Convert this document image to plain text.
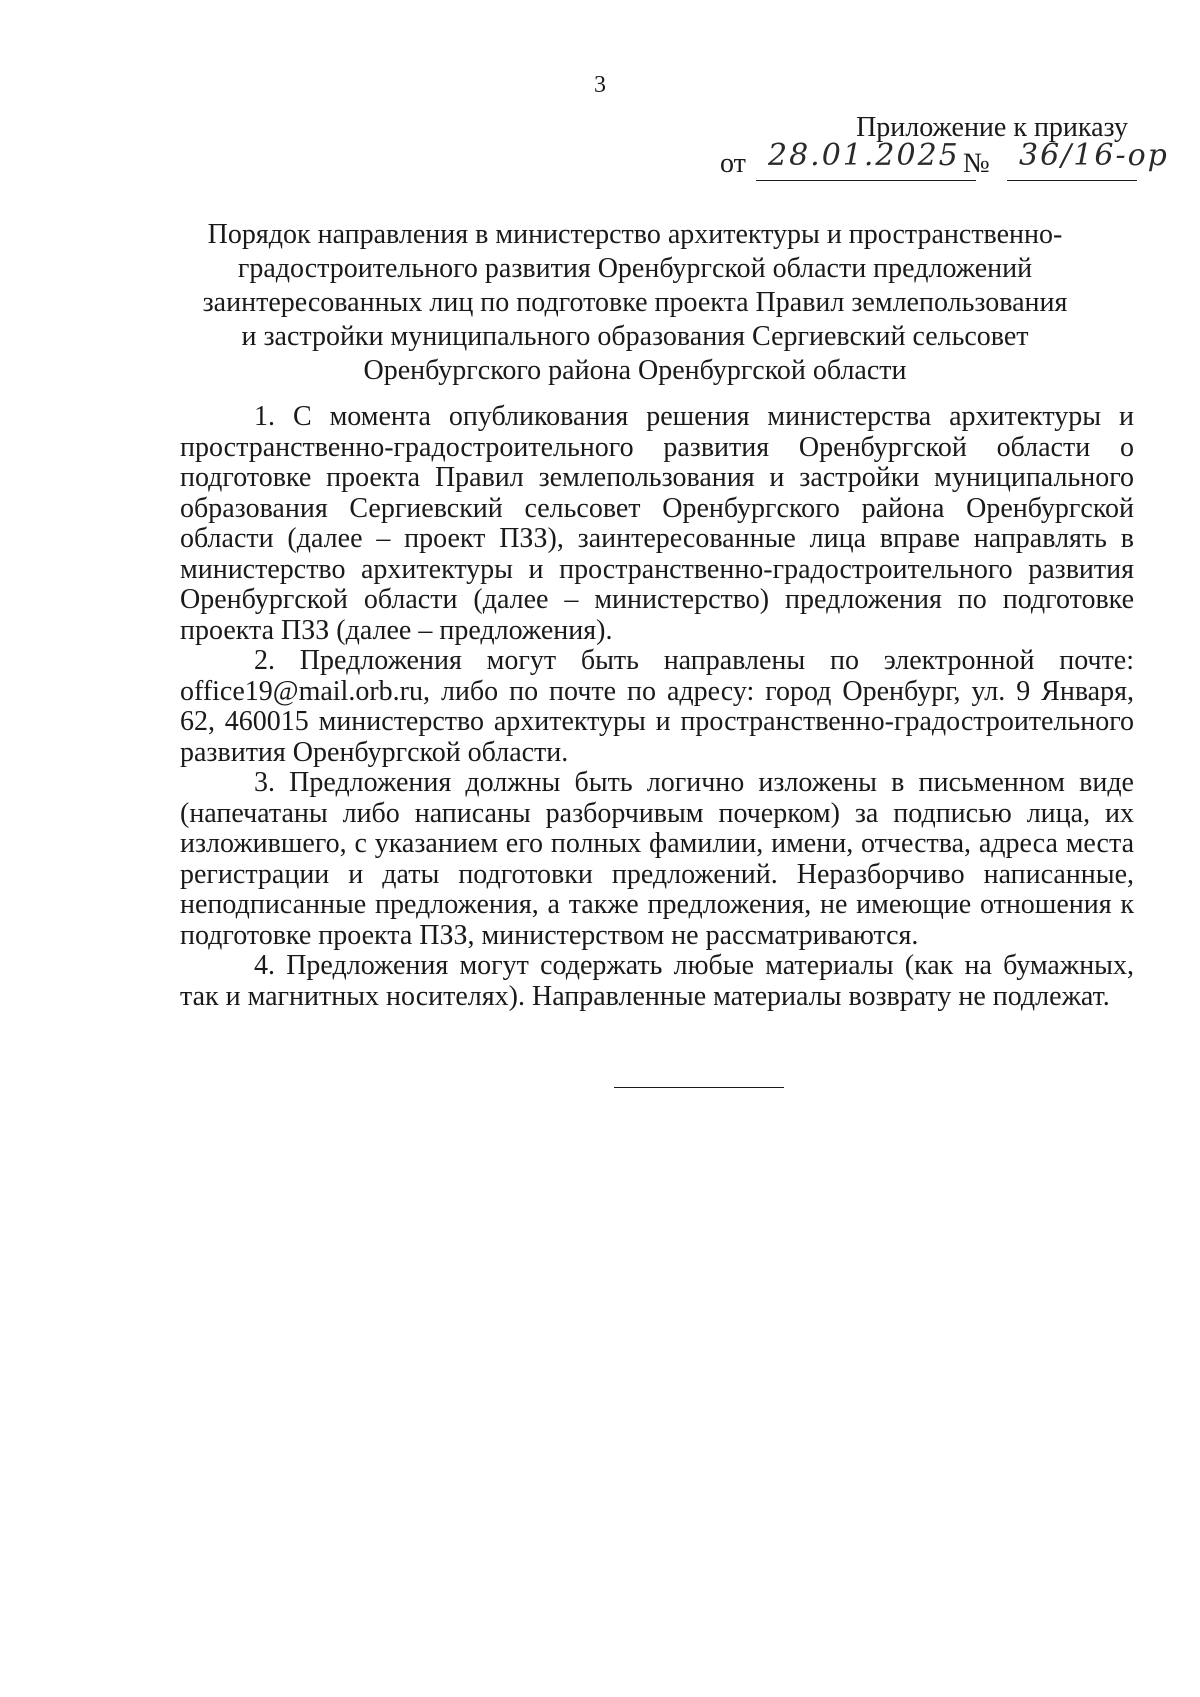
3
Приложение к приказу
от 28.01.2025 № 36/16-ор
Порядок направления в министерство архитектуры и пространственно-
градостроительного развития Оренбургской области предложений
заинтересованных лиц по подготовке проекта Правил землепользования
и застройки муниципального образования Сергиевский сельсовет
Оренбургского района Оренбургской области

1. С момента опубликования решения министерства архитектуры и пространственно-градостроительного развития Оренбургской области о подготовке проекта Правил землепользования и застройки муниципального образования Сергиевский сельсовет Оренбургского района Оренбургской области (далее – проект ПЗЗ), заинтересованные лица вправе направлять в министерство архитектуры и пространственно-градостроительного развития Оренбургской области (далее – министерство) предложения по подготовке проекта ПЗЗ (далее – предложения).

2. Предложения могут быть направлены по электронной почте: office19@mail.orb.ru, либо по почте по адресу: город Оренбург, ул. 9 Января, 62, 460015 министерство архитектуры и пространственно-градостроительного развития Оренбургской области.

3. Предложения должны быть логично изложены в письменном виде (напечатаны либо написаны разборчивым почерком) за подписью лица, их изложившего, с указанием его полных фамилии, имени, отчества, адреса места регистрации и даты подготовки предложений. Неразборчиво написанные, неподписанные предложения, а также предложения, не имеющие отношения к подготовке проекта ПЗЗ, министерством не рассматриваются.

4. Предложения могут содержать любые материалы (как на бумажных, так и магнитных носителях). Направленные материалы возврату не подлежат.
